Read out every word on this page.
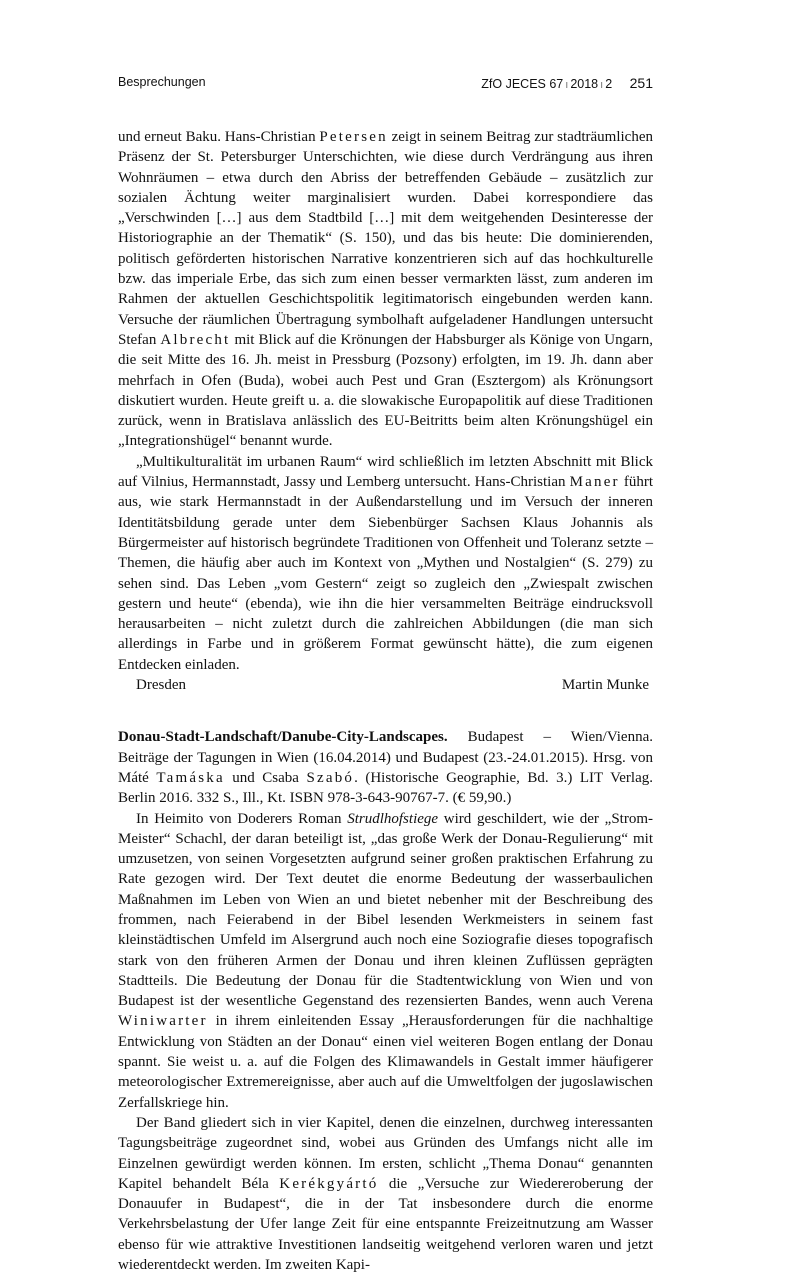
Besprechungen	ZfO JECES 67 ı 2018 ı 2 251

und erneut Baku. Hans-Christian Petersen zeigt in seinem Beitrag zur stadträumlichen Präsenz der St. Petersburger Unterschichten, wie diese durch Verdrängung aus ihren Wohnräumen – etwa durch den Abriss der betreffenden Gebäude – zusätzlich zur sozialen Ächtung weiter marginalisiert wurden. Dabei korrespondiere das „Verschwinden […] aus dem Stadtbild […] mit dem weitgehenden Desinteresse der Historiographie an der Thematik“ (S. 150), und das bis heute: Die dominierenden, politisch geförderten historischen Narrative konzentrieren sich auf das hochkulturelle bzw. das imperiale Erbe, das sich zum einen besser vermarkten lässt, zum anderen im Rahmen der aktuellen Geschichtspolitik legitimatorisch eingebunden werden kann. Versuche der räumlichen Übertragung symbolhaft aufgeladener Handlungen untersucht Stefan Albrecht mit Blick auf die Krönungen der Habsburger als Könige von Ungarn, die seit Mitte des 16. Jh. meist in Pressburg (Pozsony) erfolgten, im 19. Jh. dann aber mehrfach in Ofen (Buda), wobei auch Pest und Gran (Esztergom) als Krönungsort diskutiert wurden. Heute greift u. a. die slowakische Europapolitik auf diese Traditionen zurück, wenn in Bratislava anlässlich des EU-Beitritts beim alten Krönungshügel ein „Integrationshügel“ benannt wurde.

„Multikulturalität im urbanen Raum“ wird schließlich im letzten Abschnitt mit Blick auf Vilnius, Hermannstadt, Jassy und Lemberg untersucht. Hans-Christian Maner führt aus, wie stark Hermannstadt in der Außendarstellung und im Versuch der inneren Identitätsbildung gerade unter dem Siebenbürger Sachsen Klaus Johannis als Bürgermeister auf historisch begründete Traditionen von Offenheit und Toleranz setzte – Themen, die häufig aber auch im Kontext von „Mythen und Nostalgien“ (S. 279) zu sehen sind. Das Leben „vom Gestern“ zeigt so zugleich den „Zwiespalt zwischen gestern und heute“ (ebenda), wie ihn die hier versammelten Beiträge eindrucksvoll herausarbeiten – nicht zuletzt durch die zahlreichen Abbildungen (die man sich allerdings in Farbe und in größerem Format gewünscht hätte), die zum eigenen Entdecken einladen.

Dresden	Martin Munke

Donau-Stadt-Landschaft/Danube-City-Landscapes. Budapest – Wien/Vienna. Beiträge der Tagungen in Wien (16.04.2014) und Budapest (23.-24.01.2015). Hrsg. von Máté Tamáska und Csaba Szabó. (Historische Geographie, Bd. 3.) LIT Verlag. Berlin 2016. 332 S., Ill., Kt. ISBN 978-3-643-90767-7. (€ 59,90.)

In Heimito von Doderers Roman Strudlhofstiege wird geschildert, wie der „Strom-Meister“ Schachl, der daran beteiligt ist, „das große Werk der Donau-Regulierung“ mit umzusetzen, von seinen Vorgesetzten aufgrund seiner großen praktischen Erfahrung zu Rate gezogen wird. Der Text deutet die enorme Bedeutung der wasserbaulichen Maßnahmen im Leben von Wien an und bietet nebenher mit der Beschreibung des frommen, nach Feierabend in der Bibel lesenden Werkmeisters in seinem fast kleinstädtischen Umfeld im Alsergrund auch noch eine Soziografie dieses topografisch stark von den früheren Armen der Donau und ihren kleinen Zuflüssen geprägten Stadtteils. Die Bedeutung der Donau für die Stadtentwicklung von Wien und von Budapest ist der wesentliche Gegenstand des rezensierten Bandes, wenn auch Verena Winiwarter in ihrem einleitenden Essay „Herausforderungen für die nachhaltige Entwicklung von Städten an der Donau“ einen viel weiteren Bogen entlang der Donau spannt. Sie weist u. a. auf die Folgen des Klimawandels in Gestalt immer häufigerer meteorologischer Extremereignisse, aber auch auf die Umweltfolgen der jugoslawischen Zerfallskriege hin.

Der Band gliedert sich in vier Kapitel, denen die einzelnen, durchweg interessanten Tagungsbeiträge zugeordnet sind, wobei aus Gründen des Umfangs nicht alle im Einzelnen gewürdigt werden können. Im ersten, schlicht „Thema Donau“ genannten Kapitel behandelt Béla Kerékgyártó die „Versuche zur Wiedereroberung der Donauufer in Budapest“, die in der Tat insbesondere durch die enorme Verkehrsbelastung der Ufer lange Zeit für eine entspannte Freizeitnutzung am Wasser ebenso für wie attraktive Investitionen landseitig weitgehend verloren waren und jetzt wiederentdeckt werden. Im zweiten Kapi-
